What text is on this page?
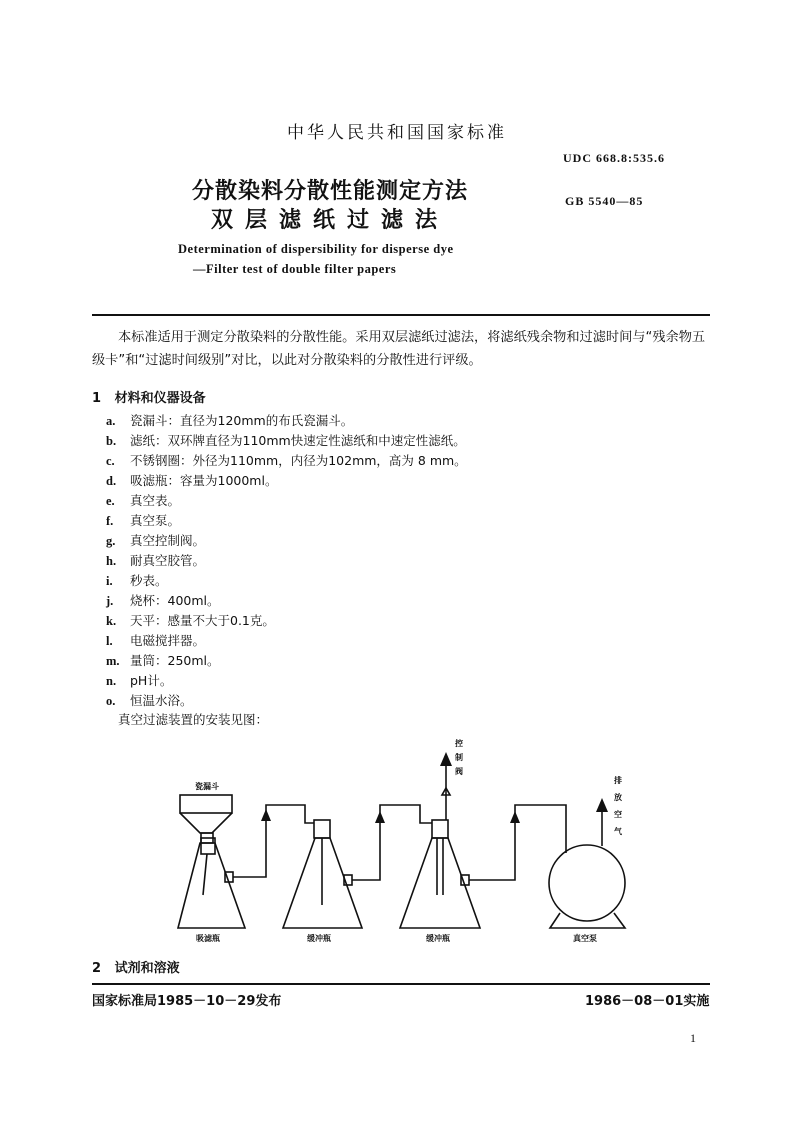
中华人民共和国国家标准
UDC 668.8:535.6
分散染料分散性能测定方法
双层滤纸过滤法
GB 5540—85
Determination of dispersibility for disperse dye
—Filter test of double filter papers
本标准适用于测定分散染料的分散性能。采用双层滤纸过滤法，将滤纸残余物和过滤时间与“残余物五级卡”和“过滤时间级别”对比，以此对分散染料的分散性进行评级。
1 材料和仪器设备
a. 瓷漏斗：直径为120mm的布氏瓷漏斗。
b. 滤纸：双环牌直径为110mm快速定性滤纸和中速定性滤纸。
c. 不锈钢圈：外径为110mm，内径为102mm，高为 8 mm。
d. 吸滤瓶：容量为1000ml。
e. 真空表。
f. 真空泵。
g. 真空控制阀。
h. 耐真空胶管。
i. 秒表。
j. 烧杯：400ml。
k. 天平：感量不大于0.1克。
l. 电磁搅拌器。
m. 量筒：250ml。
n. pH计。
o. 恒温水浴。
真空过滤装置的安装见图：
瓷漏斗
控
制
阀
排
放
空
气
吸滤瓶	缓冲瓶	缓冲瓶	真空泵
2 试剂和溶液
国家标准局1985－10－29发布	1986－08－01实施
1
